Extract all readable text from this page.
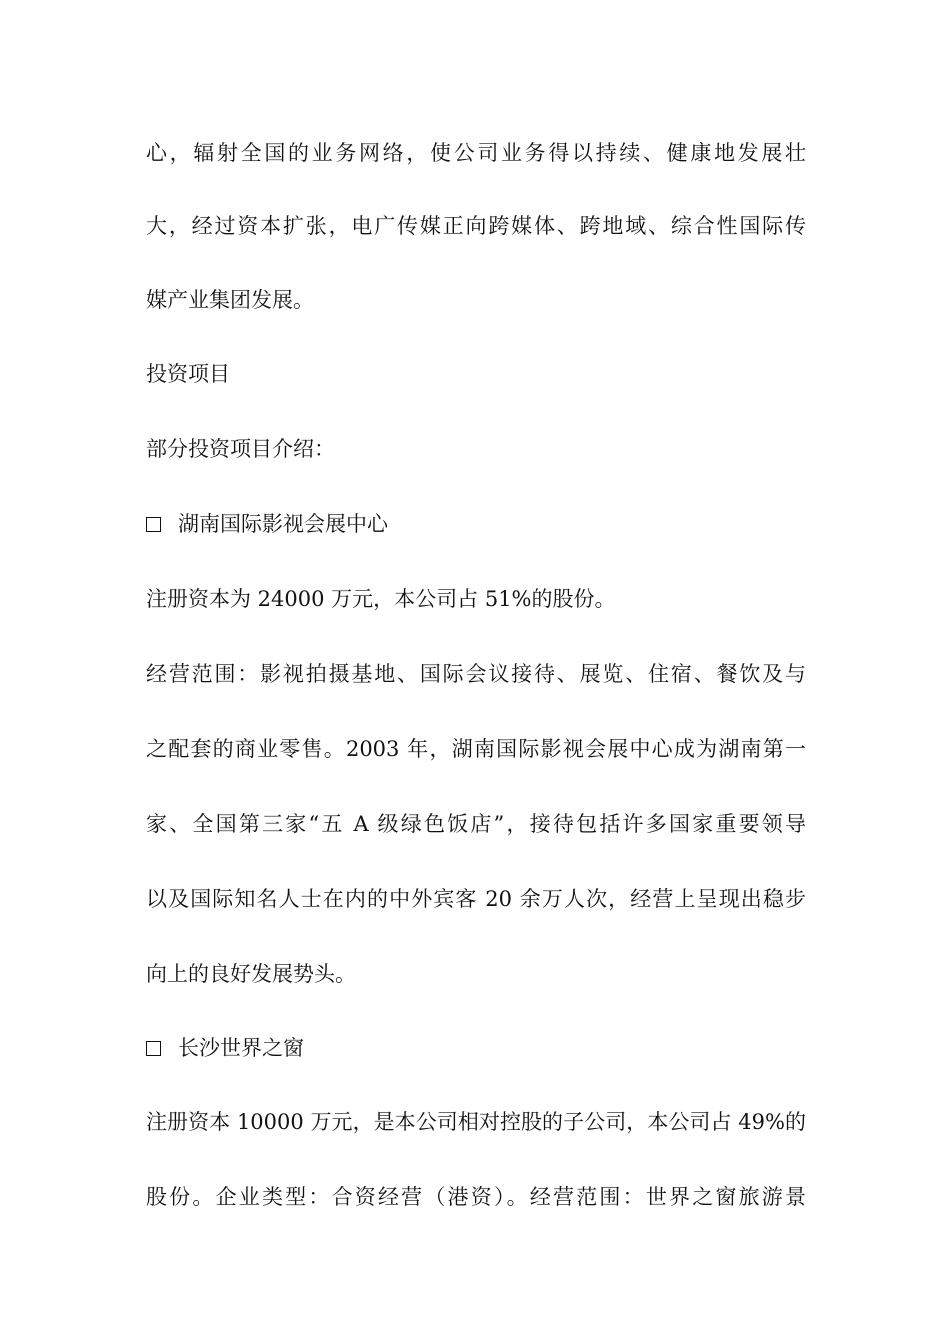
心，辐射全国的业务网络，使公司业务得以持续、健康地发展壮
大，经过资本扩张，电广传媒正向跨媒体、跨地域、综合性国际传
媒产业集团发展。
投资项目
部分投资项目介绍：
湖南国际影视会展中心
注册资本为 24000 万元，本公司占 51%的股份。
经营范围：影视拍摄基地、国际会议接待、展览、住宿、餐饮及与
之配套的商业零售。2003 年，湖南国际影视会展中心成为湖南第一
家、全国第三家“五 A 级绿色饭店”，接待包括许多国家重要领导
以及国际知名人士在内的中外宾客 20 余万人次，经营上呈现出稳步
向上的良好发展势头。
长沙世界之窗
注册资本 10000 万元，是本公司相对控股的子公司，本公司占 49%的
股份。企业类型：合资经营（港资）。经营范围：世界之窗旅游景
